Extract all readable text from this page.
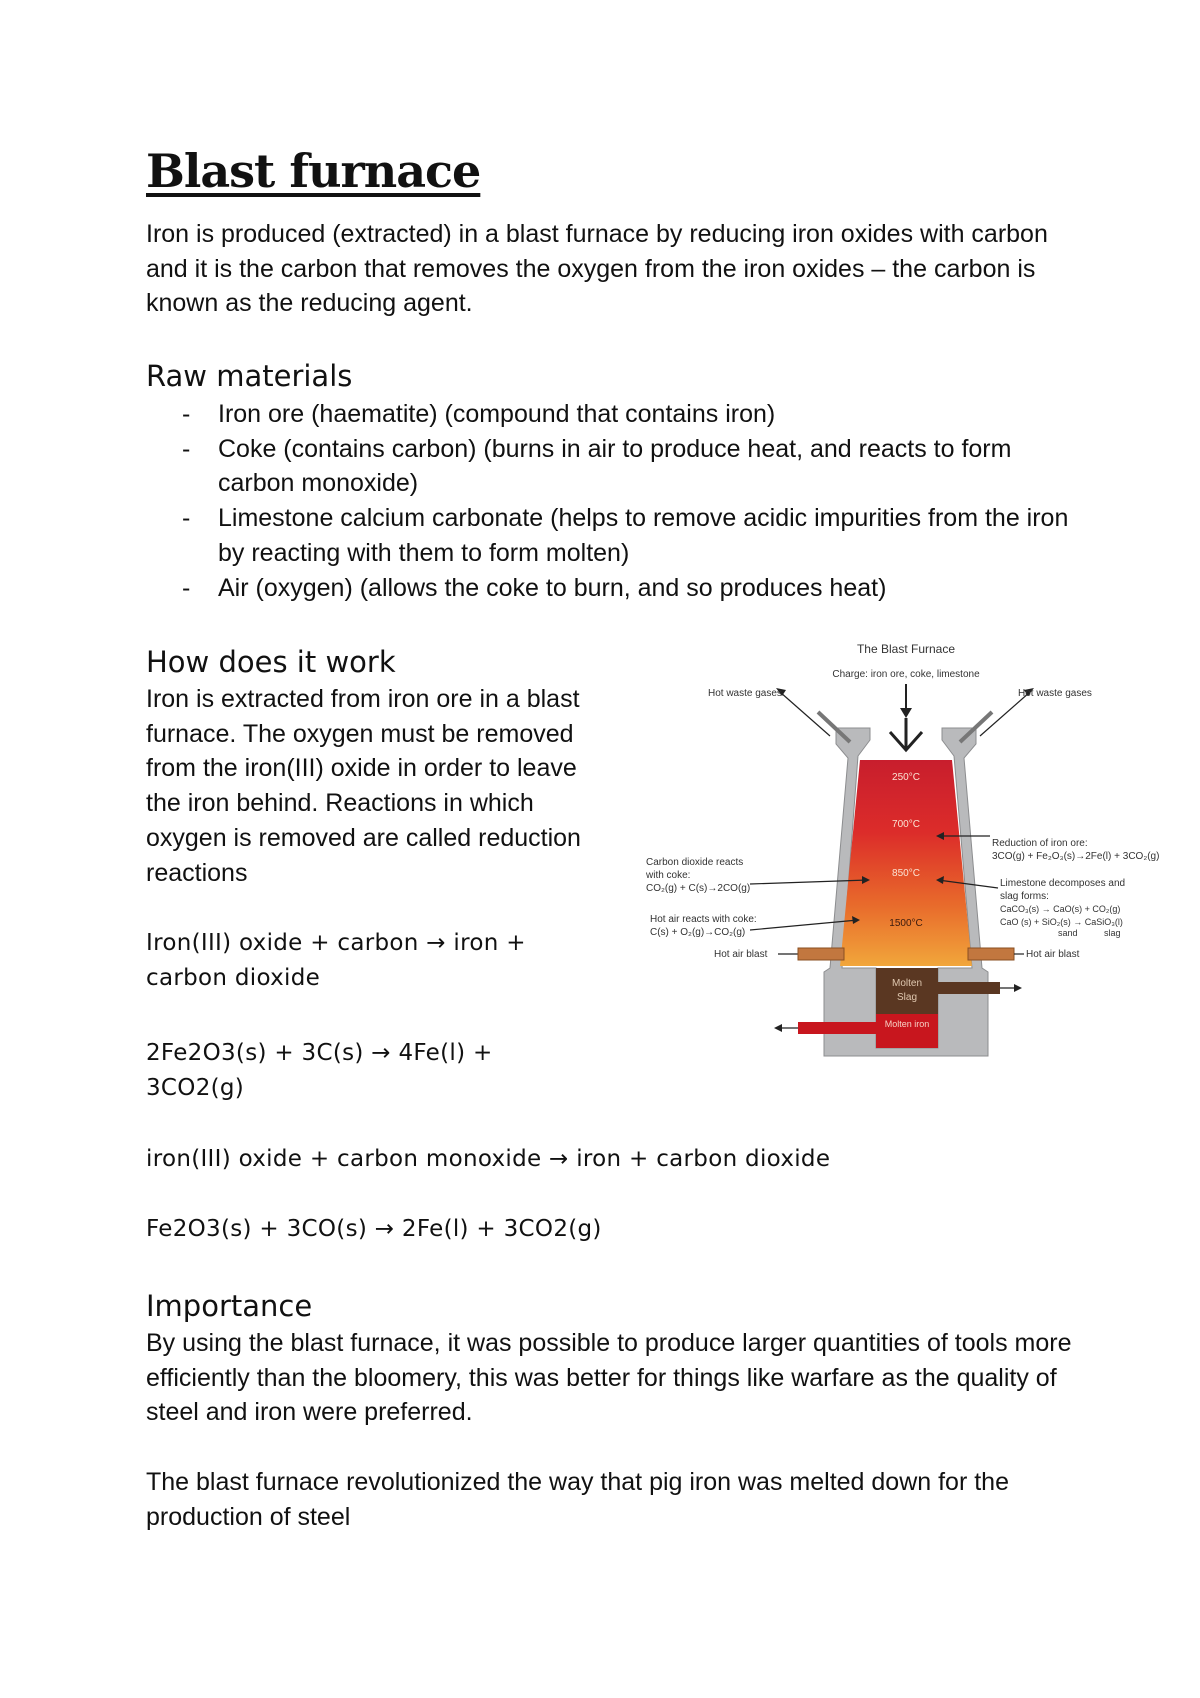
Blast furnace

Iron is produced (extracted) in a blast furnace by reducing iron oxides with carbon and it is the carbon that removes the oxygen from the iron oxides – the carbon is known as the reducing agent.

Raw materials
- Iron ore (haematite) (compound that contains iron)
- Coke (contains carbon) (burns in air to produce heat, and reacts to form carbon monoxide)
- Limestone calcium carbonate (helps to remove acidic impurities from the iron by reacting with them to form molten)
- Air (oxygen) (allows the coke to burn, and so produces heat)
How does it work

Iron is extracted from iron ore in a blast furnace. The oxygen must be removed from the iron(III) oxide in order to leave the iron behind. Reactions in which oxygen is removed are called reduction reactions

Iron(III) oxide + carbon → iron + carbon dioxide

2Fe2O3(s) + 3C(s) → 4Fe(l) + 3CO2(g)

iron(III) oxide + carbon monoxide → iron + carbon dioxide

Fe2O3(s) + 3CO(s) → 2Fe(l) + 3CO2(g)

The Blast Furnace
Charge: iron ore, coke, limestone
Hot waste gases	Hot waste gases
250°C
700°C
850°C
1500°C
Carbon dioxide reacts
with coke:
CO₂(g) + C(s)→2CO(g)
Hot air reacts with coke:
C(s) + O₂(g)→CO₂(g)
Hot air blast
Reduction of iron ore:
3CO(g) + Fe₂O₃(s)→2Fe(l) + 3CO₂(g)
Limestone decomposes and
slag forms:
CaCO₃(s) → CaO(s) + CO₂(g)
CaO (s) + SiO₂(s) → CaSiO₃(l)
sand	slag
Hot air blast
Molten
Slag
Molten iron
Importance

By using the blast furnace, it was possible to produce larger quantities of tools more efficiently than the bloomery, this was better for things like warfare as the quality of steel and iron were preferred.

The blast furnace revolutionized the way that pig iron was melted down for the production of steel
